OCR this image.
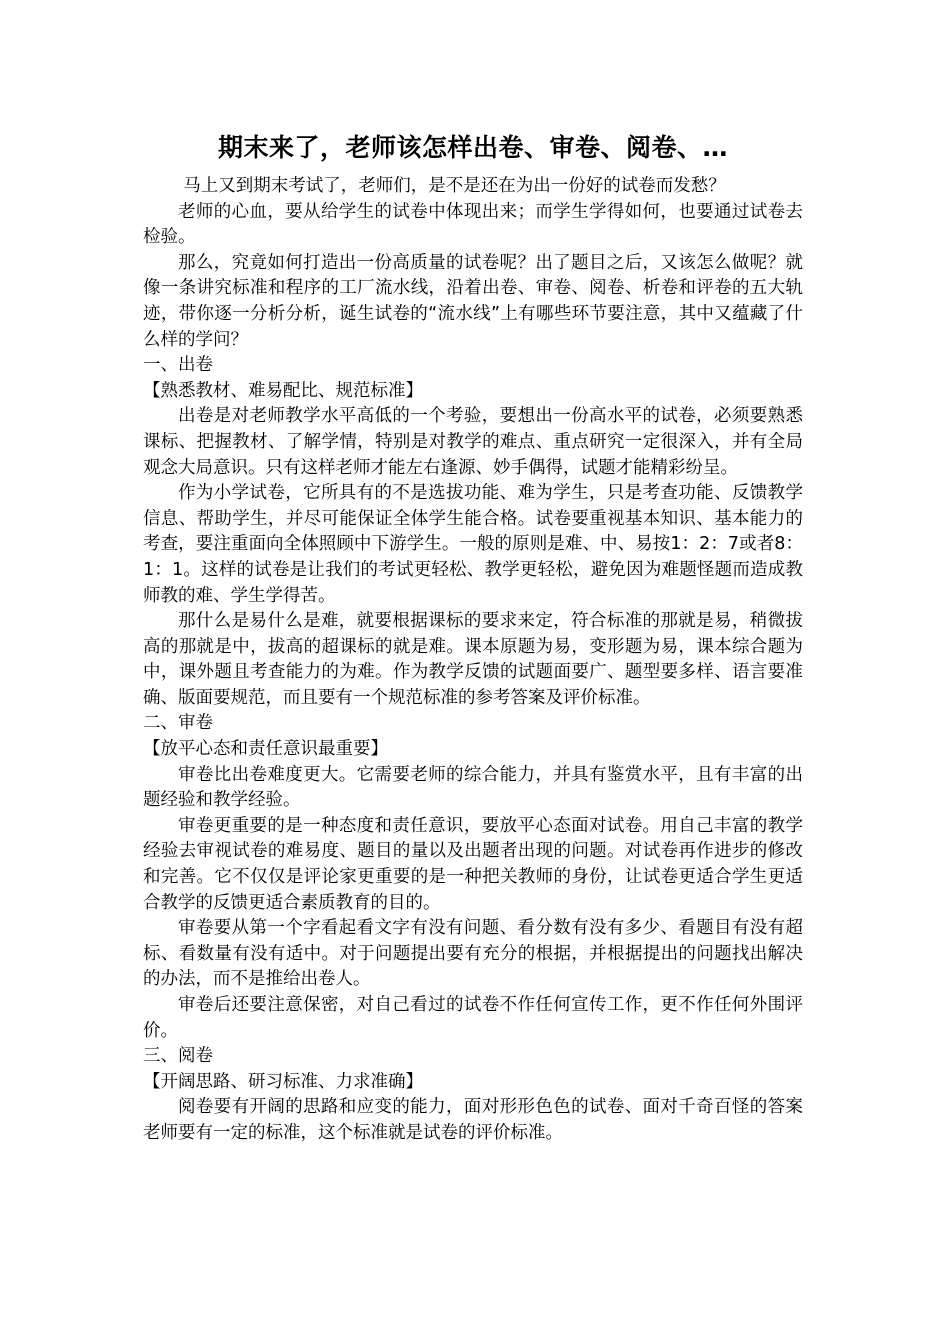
期末来了，老师该怎样出卷、审卷、阅卷、…

马上又到期末考试了，老师们，是不是还在为出一份好的试卷而发愁？

老师的心血，要从给学生的试卷中体现出来；而学生学得如何，也要通过试卷去检验。

那么，究竟如何打造出一份高质量的试卷呢？出了题目之后，又该怎么做呢？就像一条讲究标准和程序的工厂流水线，沿着出卷、审卷、阅卷、析卷和评卷的五大轨迹，带你逐一分析分析，诞生试卷的“流水线”上有哪些环节要注意，其中又蕴藏了什么样的学问？

一、出卷

【熟悉教材、难易配比、规范标准】

出卷是对老师教学水平高低的一个考验，要想出一份高水平的试卷，必须要熟悉课标、把握教材、了解学情，特别是对教学的难点、重点研究一定很深入，并有全局观念大局意识。只有这样老师才能左右逢源、妙手偶得，试题才能精彩纷呈。

作为小学试卷，它所具有的不是选拔功能、难为学生，只是考查功能、反馈教学信息、帮助学生，并尽可能保证全体学生能合格。试卷要重视基本知识、基本能力的考查，要注重面向全体照顾中下游学生。一般的原则是难、中、易按1：2：7或者8：1：1。这样的试卷是让我们的考试更轻松、教学更轻松，避免因为难题怪题而造成教师教的难、学生学得苦。

那什么是易什么是难，就要根据课标的要求来定，符合标准的那就是易，稍微拔高的那就是中，拔高的超课标的就是难。课本原题为易，变形题为易，课本综合题为中，课外题且考查能力的为难。作为教学反馈的试题面要广、题型要多样、语言要准确、版面要规范，而且要有一个规范标准的参考答案及评价标准。

二、审卷

【放平心态和责任意识最重要】

审卷比出卷难度更大。它需要老师的综合能力，并具有鉴赏水平，且有丰富的出题经验和教学经验。

审卷更重要的是一种态度和责任意识，要放平心态面对试卷。用自己丰富的教学经验去审视试卷的难易度、题目的量以及出题者出现的问题。对试卷再作进步的修改和完善。它不仅仅是评论家更重要的是一种把关教师的身份，让试卷更适合学生更适合教学的反馈更适合素质教育的目的。

审卷要从第一个字看起看文字有没有问题、看分数有没有多少、看题目有没有超标、看数量有没有适中。对于问题提出要有充分的根据，并根据提出的问题找出解决的办法，而不是推给出卷人。

审卷后还要注意保密，对自己看过的试卷不作任何宣传工作，更不作任何外围评价。

三、阅卷

【开阔思路、研习标准、力求准确】

阅卷要有开阔的思路和应变的能力，面对形形色色的试卷、面对千奇百怪的答案老师要有一定的标准，这个标准就是试卷的评价标准。
